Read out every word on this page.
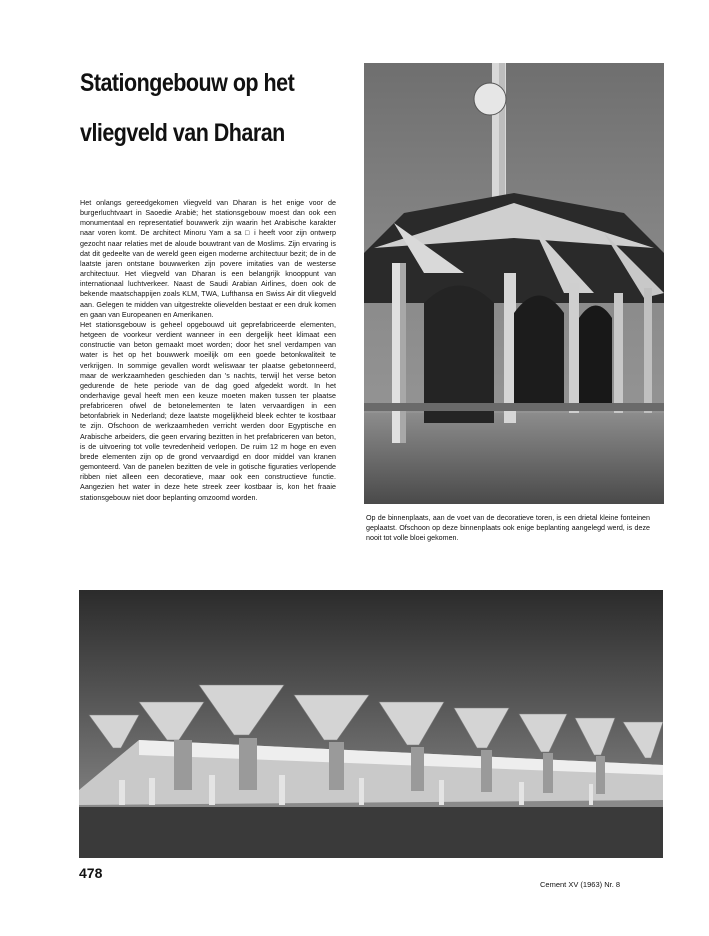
Stationgebouw op het
vliegveld van Dharan

Het onlangs gereedgekomen vliegveld van Dharan is het enige voor de burgerluchtvaart in Saoedie Arabië; het stationsgebouw moest dan ook een monumentaal en representatief bouwwerk zijn waarin het Arabische karakter naar voren komt. De architect Minoru Yam a sa □ i heeft voor zijn ontwerp gezocht naar relaties met de aloude bouwtrant van de Moslims. Zijn ervaring is dat dit gedeelte van de wereld geen eigen moderne architectuur bezit; de in de laatste jaren ontstane bouwwerken zijn povere imitaties van de westerse architectuur. Het vliegveld van Dharan is een belangrijk knooppunt van internationaal luchtverkeer. Naast de Saudi Arabian Airlines, doen ook de bekende maatschappijen zoals KLM, TWA, Lufthansa en Swiss Air dit vliegveld aan. Gelegen te midden van uitgestrekte olievelden bestaat er een druk komen en gaan van Europeanen en Amerikanen.

Het stationsgebouw is geheel opgebouwd uit geprefabriceerde elementen, hetgeen de voorkeur verdient wanneer in een dergelijk heet klimaat een constructie van beton gemaakt moet worden; door het snel verdampen van water is het op het bouwwerk moeilijk om een goede betonkwaliteit te verkrijgen. In sommige gevallen wordt weliswaar ter plaatse gebetonneerd, maar de werkzaamheden geschieden dan 's nachts, terwijl het verse beton gedurende de hete periode van de dag goed afgedekt wordt. In het onderhavige geval heeft men een keuze moeten maken tussen ter plaatse prefabriceren ofwel de betonelementen te laten vervaardigen in een betonfabriek in Nederland; deze laatste mogelijkheid bleek echter te kostbaar te zijn. Ofschoon de werkzaamheden verricht werden door Egyptische en Arabische arbeiders, die geen ervaring bezitten in het prefabriceren van beton, is de uitvoering tot volle tevredenheid verlopen. De ruim 12 m hoge en even brede elementen zijn op de grond vervaardigd en door middel van kranen gemonteerd. Van de panelen bezitten de vele in gotische figuraties verlopende ribben niet alleen een decoratieve, maar ook een constructieve functie. Aangezien het water in deze hete streek zeer kostbaar is, kon het fraaie stationsgebouw niet door beplanting omzoomd worden.

Op de binnenplaats, aan de voet van de decoratieve toren, is een drietal kleine fonteinen geplaatst. Ofschoon op deze binnenplaats ook enige beplanting aangelegd werd, is deze nooit tot volle bloei gekomen.
478
Cement XV (1963) Nr. 8
